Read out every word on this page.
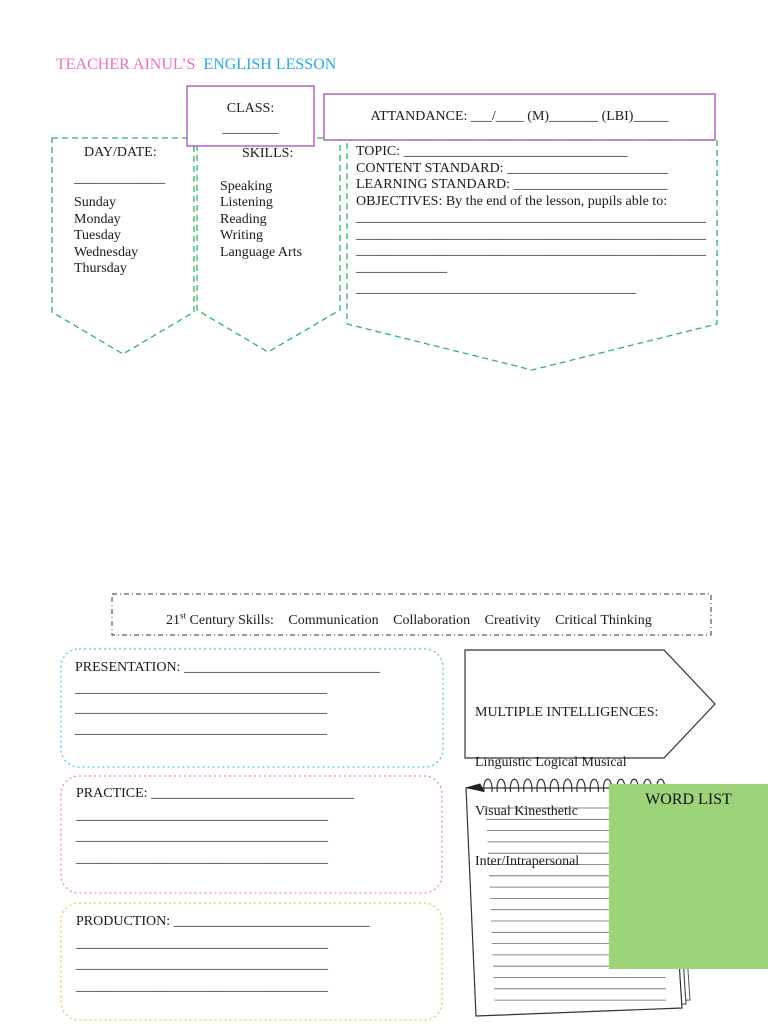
TEACHER AINUL’S ENGLISH LESSON
CLASS:
________
ATTANDANCE: ___/____ (M)_______ (LBI)_____
DAY/DATE:
_____________
Sunday
Monday
Tuesday
Wednesday
Thursday
SKILLS:
Speaking
Listening
Reading
Writing
Language Arts
TOPIC: ________________________________
CONTENT STANDARD: _______________________
LEARNING STANDARD: ______________________
OBJECTIVES: By the end of the lesson, pupils able to:
__________________________________________________
__________________________________________________
__________________________________________________
_____________
________________________________________
21st Century Skills: Communication Collaboration Creativity Critical Thinking
PRESENTATION: ____________________________
____________________________________
____________________________________
____________________________________
PRACTICE: _____________________________
____________________________________
____________________________________
____________________________________
PRODUCTION: ____________________________
____________________________________
____________________________________
____________________________________

MULTIPLE INTELLIGENCES:

Linguistic Logical Musical

Visual Kinesthetic

Inter/Intrapersonal

WORD LIST
